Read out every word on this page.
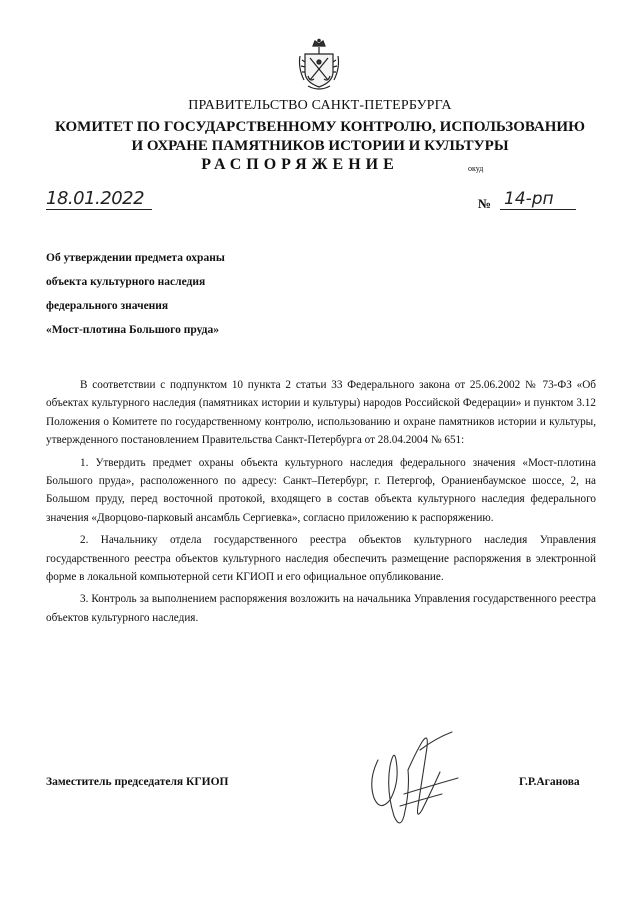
ПРАВИТЕЛЬСТВО САНКТ-ПЕТЕРБУРГА
КОМИТЕТ ПО ГОСУДАРСТВЕННОМУ КОНТРОЛЮ, ИСПОЛЬЗОВАНИЮ
И ОХРАНЕ ПАМЯТНИКОВ ИСТОРИИ И КУЛЬТУРЫ
РАСПОРЯЖЕНИЕ	окуд
18.01.2022	№ 14-рп
Об утверждении предмета охраны
объекта культурного наследия
федерального значения
«Мост-плотина Большого пруда»

В соответствии с подпунктом 10 пункта 2 статьи 33 Федерального закона от 25.06.2002 № 73-ФЗ «Об объектах культурного наследия (памятниках истории и культуры) народов Российской Федерации» и пунктом 3.12 Положения о Комитете по государственному контролю, использованию и охране памятников истории и культуры, утвержденного постановлением Правительства Санкт-Петербурга от 28.04.2004 № 651:

1. Утвердить предмет охраны объекта культурного наследия федерального значения «Мост-плотина Большого пруда», расположенного по адресу: Санкт–Петербург, г. Петергоф, Ораниенбаумское шоссе, 2, на Большом пруду, перед восточной протокой, входящего в состав объекта культурного наследия федерального значения «Дворцово-парковый ансамбль Сергиевка», согласно приложению к распоряжению.

2. Начальнику отдела государственного реестра объектов культурного наследия Управления государственного реестра объектов культурного наследия обеспечить размещение распоряжения в электронной форме в локальной компьютерной сети КГИОП и его официальное опубликование.

3. Контроль за выполнением распоряжения возложить на начальника Управления государственного реестра объектов культурного наследия.

Заместитель председателя КГИОП	Г.Р.Аганова
